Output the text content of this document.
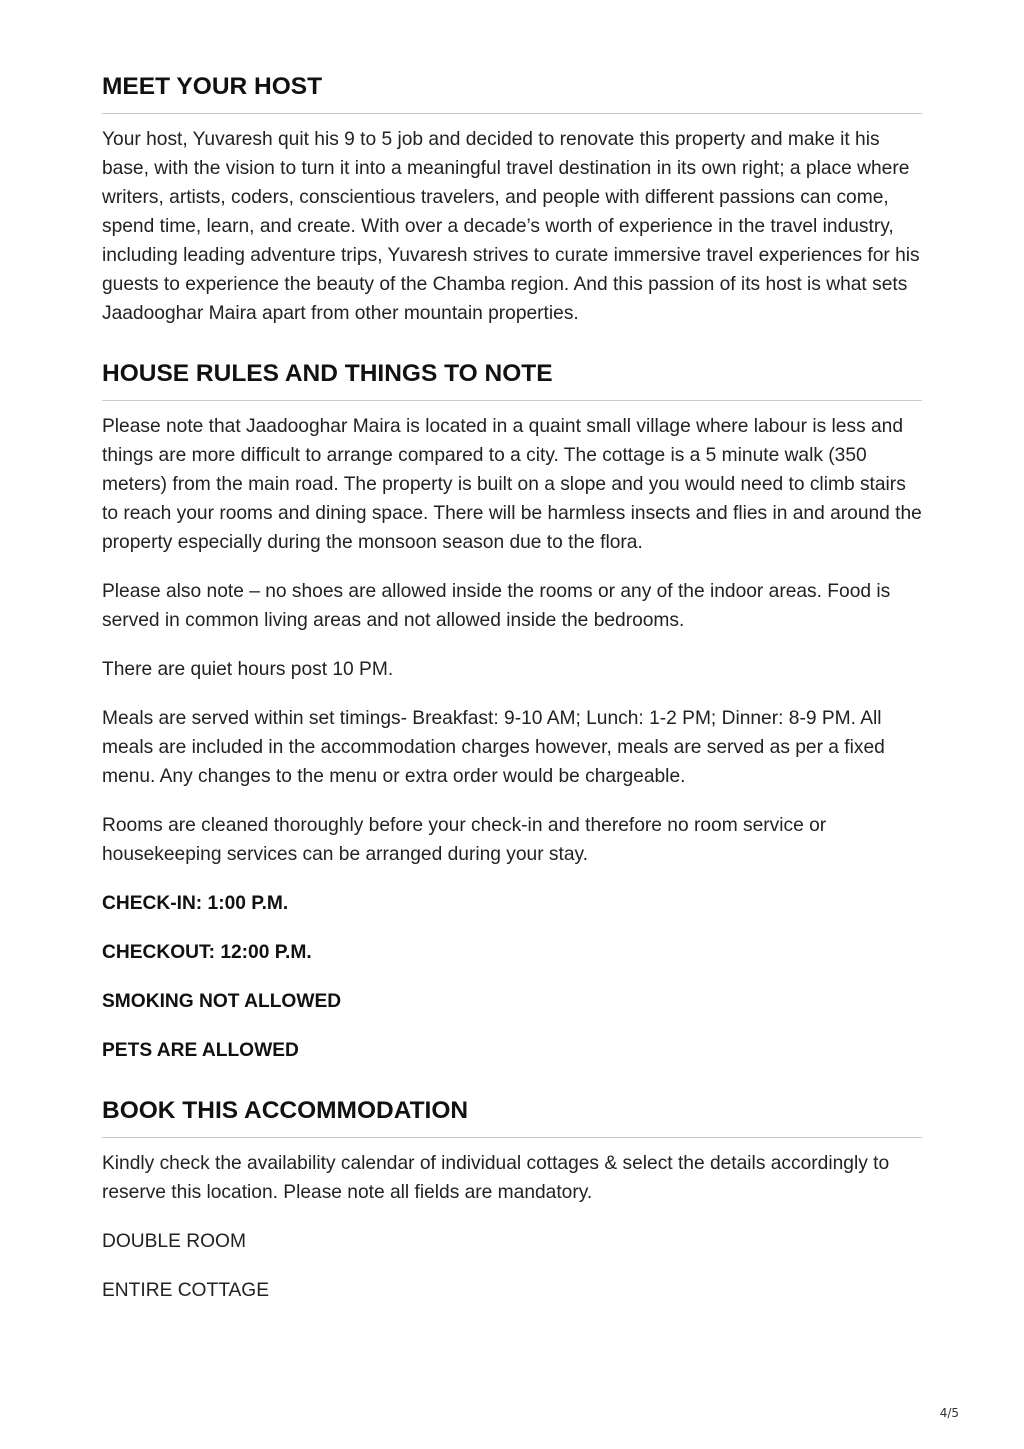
MEET YOUR HOST

Your host, Yuvaresh quit his 9 to 5 job and decided to renovate this property and make it his base, with the vision to turn it into a meaningful travel destination in its own right; a place where writers, artists, coders, conscientious travelers, and people with different passions can come, spend time, learn, and create. With over a decade’s worth of experience in the travel industry, including leading adventure trips, Yuvaresh strives to curate immersive travel experiences for his guests to experience the beauty of the Chamba region. And this passion of its host is what sets Jaadooghar Maira apart from other mountain properties.

HOUSE RULES AND THINGS TO NOTE

Please note that Jaadooghar Maira is located in a quaint small village where labour is less and things are more difficult to arrange compared to a city. The cottage is a 5 minute walk (350 meters) from the main road. The property is built on a slope and you would need to climb stairs to reach your rooms and dining space. There will be harmless insects and flies in and around the property especially during the monsoon season due to the flora.

Please also note – no shoes are allowed inside the rooms or any of the indoor areas. Food is served in common living areas and not allowed inside the bedrooms.

There are quiet hours post 10 PM.

Meals are served within set timings- Breakfast: 9-10 AM; Lunch: 1-2 PM; Dinner: 8-9 PM. All meals are included in the accommodation charges however, meals are served as per a fixed menu. Any changes to the menu or extra order would be chargeable.

Rooms are cleaned thoroughly before your check-in and therefore no room service or housekeeping services can be arranged during your stay.

CHECK-IN: 1:00 P.M.

CHECKOUT: 12:00 P.M.

SMOKING NOT ALLOWED

PETS ARE ALLOWED

BOOK THIS ACCOMMODATION

Kindly check the availability calendar of individual cottages & select the details accordingly to reserve this location. Please note all fields are mandatory.

DOUBLE ROOM

ENTIRE COTTAGE

4/5
